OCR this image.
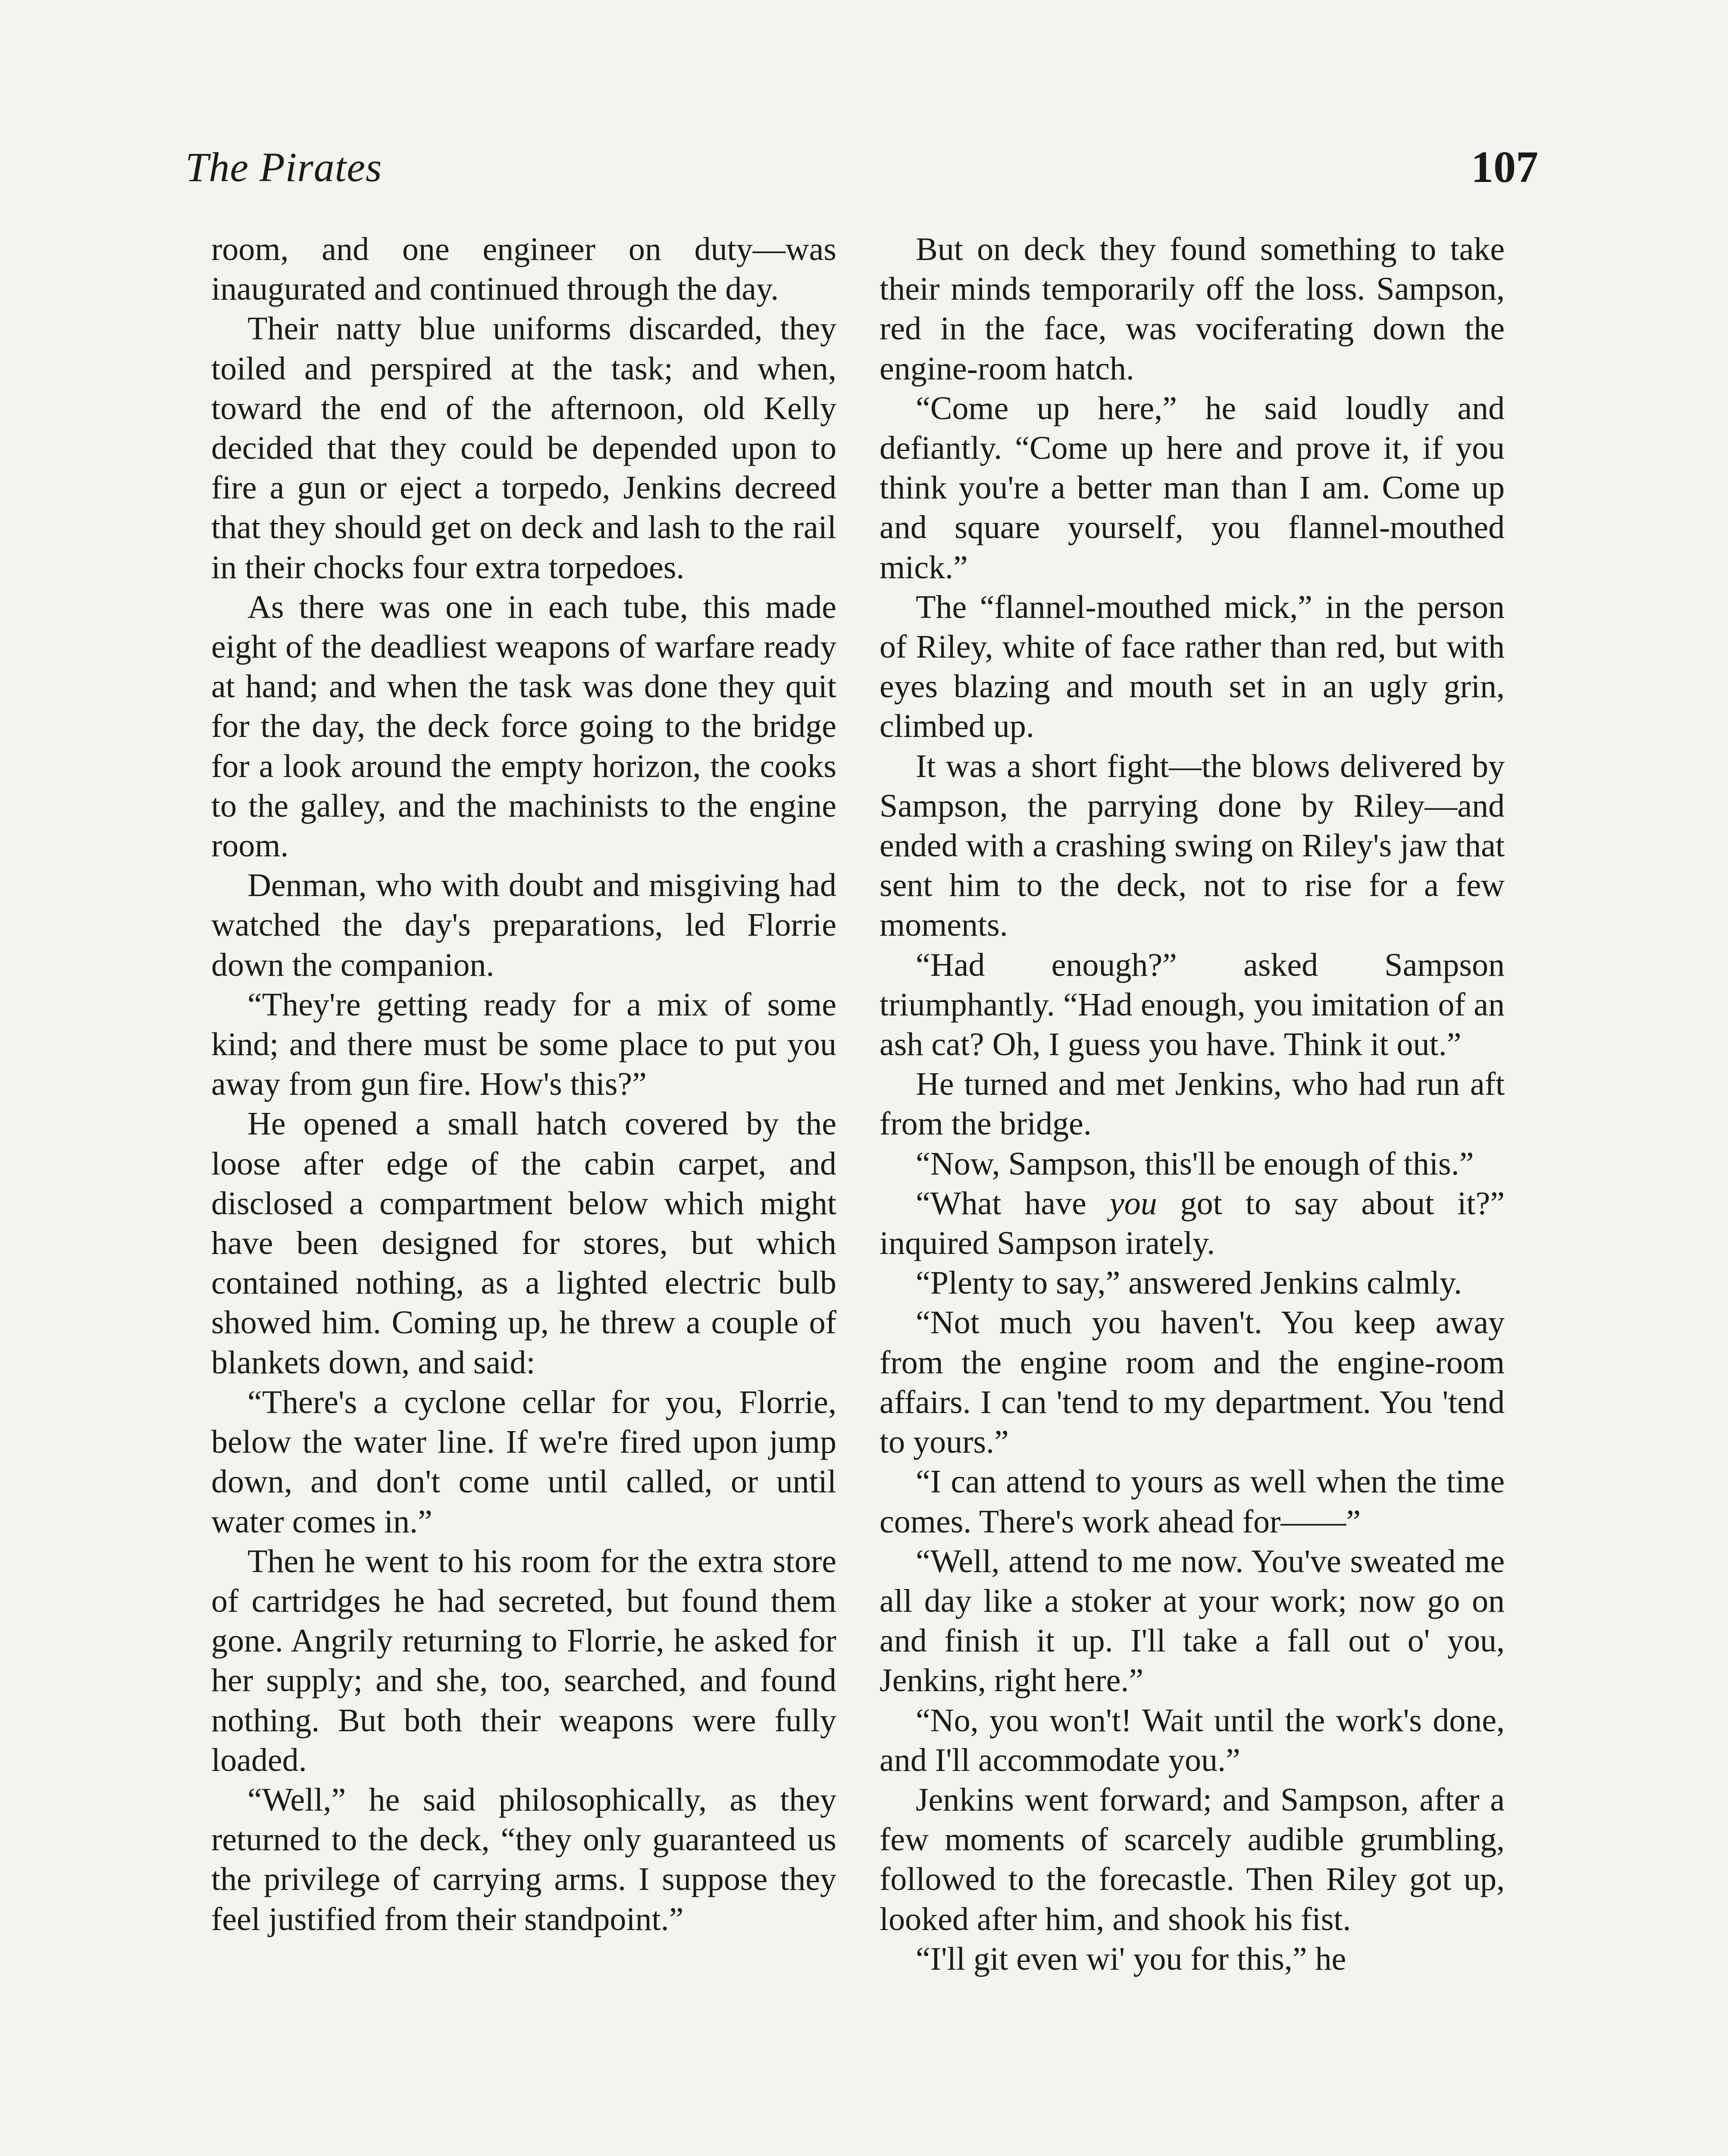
The Pirates	107

room, and one engineer on duty—was inaugurated and continued through the day.

Their natty blue uniforms discarded, they toiled and perspired at the task; and when, toward the end of the afternoon, old Kelly decided that they could be depended upon to fire a gun or eject a torpedo, Jenkins decreed that they should get on deck and lash to the rail in their chocks four extra torpedoes.

As there was one in each tube, this made eight of the deadliest weapons of warfare ready at hand; and when the task was done they quit for the day, the deck force going to the bridge for a look around the empty horizon, the cooks to the galley, and the machinists to the engine room.

Denman, who with doubt and misgiving had watched the day's preparations, led Florrie down the companion.

“They're getting ready for a mix of some kind; and there must be some place to put you away from gun fire. How's this?”

He opened a small hatch covered by the loose after edge of the cabin carpet, and disclosed a compartment below which might have been designed for stores, but which contained nothing, as a lighted electric bulb showed him. Coming up, he threw a couple of blankets down, and said:

“There's a cyclone cellar for you, Florrie, below the water line. If we're fired upon jump down, and don't come until called, or until water comes in.”

Then he went to his room for the extra store of cartridges he had secreted, but found them gone. Angrily returning to Florrie, he asked for her supply; and she, too, searched, and found nothing. But both their weapons were fully loaded.

“Well,” he said philosophically, as they returned to the deck, “they only guaranteed us the privilege of carrying arms. I suppose they feel justified from their standpoint.”

But on deck they found something to take their minds temporarily off the loss. Sampson, red in the face, was vociferating down the engine-room hatch.

“Come up here,” he said loudly and defiantly. “Come up here and prove it, if you think you're a better man than I am. Come up and square yourself, you flannel-mouthed mick.”

The “flannel-mouthed mick,” in the person of Riley, white of face rather than red, but with eyes blazing and mouth set in an ugly grin, climbed up.

It was a short fight—the blows delivered by Sampson, the parrying done by Riley—and ended with a crashing swing on Riley's jaw that sent him to the deck, not to rise for a few moments.

“Had enough?” asked Sampson triumphantly. “Had enough, you imitation of an ash cat? Oh, I guess you have. Think it out.”

He turned and met Jenkins, who had run aft from the bridge.

“Now, Sampson, this'll be enough of this.”

“What have you got to say about it?” inquired Sampson irately.

“Plenty to say,” answered Jenkins calmly.

“Not much you haven't. You keep away from the engine room and the engine-room affairs. I can 'tend to my department. You 'tend to yours.”

“I can attend to yours as well when the time comes. There's work ahead for——”

“Well, attend to me now. You've sweated me all day like a stoker at your work; now go on and finish it up. I'll take a fall out o' you, Jenkins, right here.”

“No, you won't! Wait until the work's done, and I'll accommodate you.”

Jenkins went forward; and Sampson, after a few moments of scarcely audible grumbling, followed to the forecastle. Then Riley got up, looked after him, and shook his fist.

“I'll git even wi' you for this,” he
